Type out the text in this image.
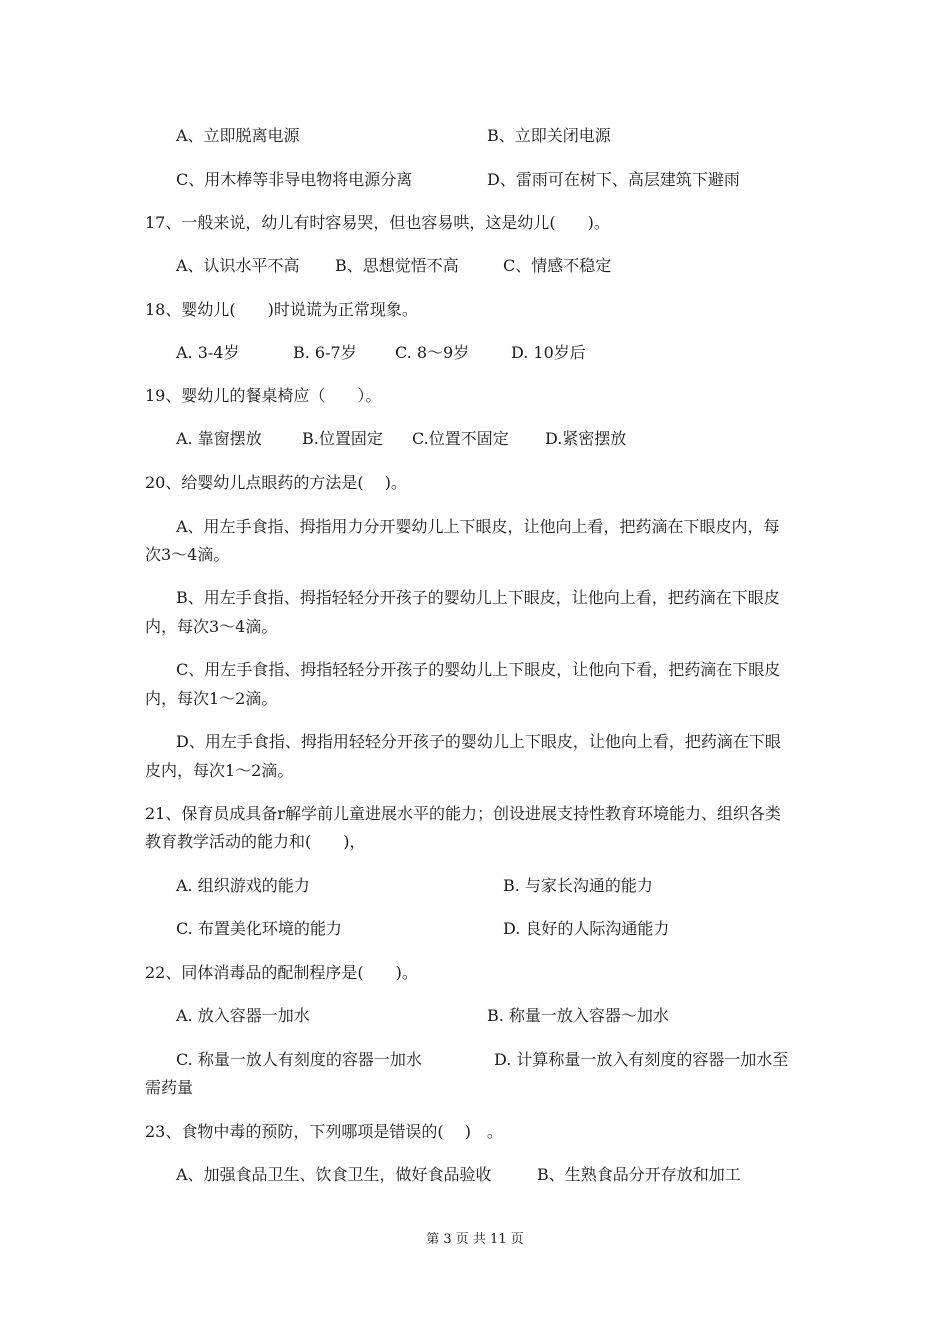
A、立即脱离电源	B、立即关闭电源
C、用木棒等非导电物将电源分离	D、雷雨可在树下、高层建筑下避雨
17、一般来说，幼儿有时容易哭，但也容易哄，这是幼儿(　　)。
A、认识水平不高 B、思想觉悟不高	C、情感不稳定
18、婴幼儿(　　)时说谎为正常现象。
A. 3-4岁	B. 6-7岁 C. 8～9岁	D. 10岁后
19、婴幼儿的餐桌椅应（　　）。
A. 靠窗摆放	B.位置固定 C.位置不固定 D.紧密摆放
20、给婴幼儿点眼药的方法是(　 )。
A、用左手食指、拇指用力分开婴幼儿上下眼皮，让他向上看，把药滴在下眼皮内，每
次3～4滴。
B、用左手食指、拇指轻轻分开孩子的婴幼儿上下眼皮，让他向上看，把药滴在下眼皮
内，每次3～4滴。
C、用左手食指、拇指轻轻分开孩子的婴幼儿上下眼皮，让他向下看，把药滴在下眼皮
内，每次1～2滴。
D、用左手食指、拇指用轻轻分开孩子的婴幼儿上下眼皮，让他向上看，把药滴在下眼
皮内，每次1～2滴。
21、保育员成具备r解学前儿童进展水平的能力；创设进展支持性教育环境能力、组织各类
教育教学活动的能力和(　　)，
A. 组织游戏的能力	B. 与家长沟通的能力
C. 布置美化环境的能力	D. 良好的人际沟通能力
22、同体消毒品的配制程序是(　　)。
A. 放入容器一加水	B. 称量一放入容器～加水
C. 称量一放人有刻度的容器一加水	D. 计算称量一放入有刻度的容器一加水至
需药量
23、食物中毒的预防，下列哪项是错误的(　 )　。
A、加强食品卫生、饮食卫生，做好食品验收	B、生熟食品分开存放和加工
第 3 页 共 11 页
